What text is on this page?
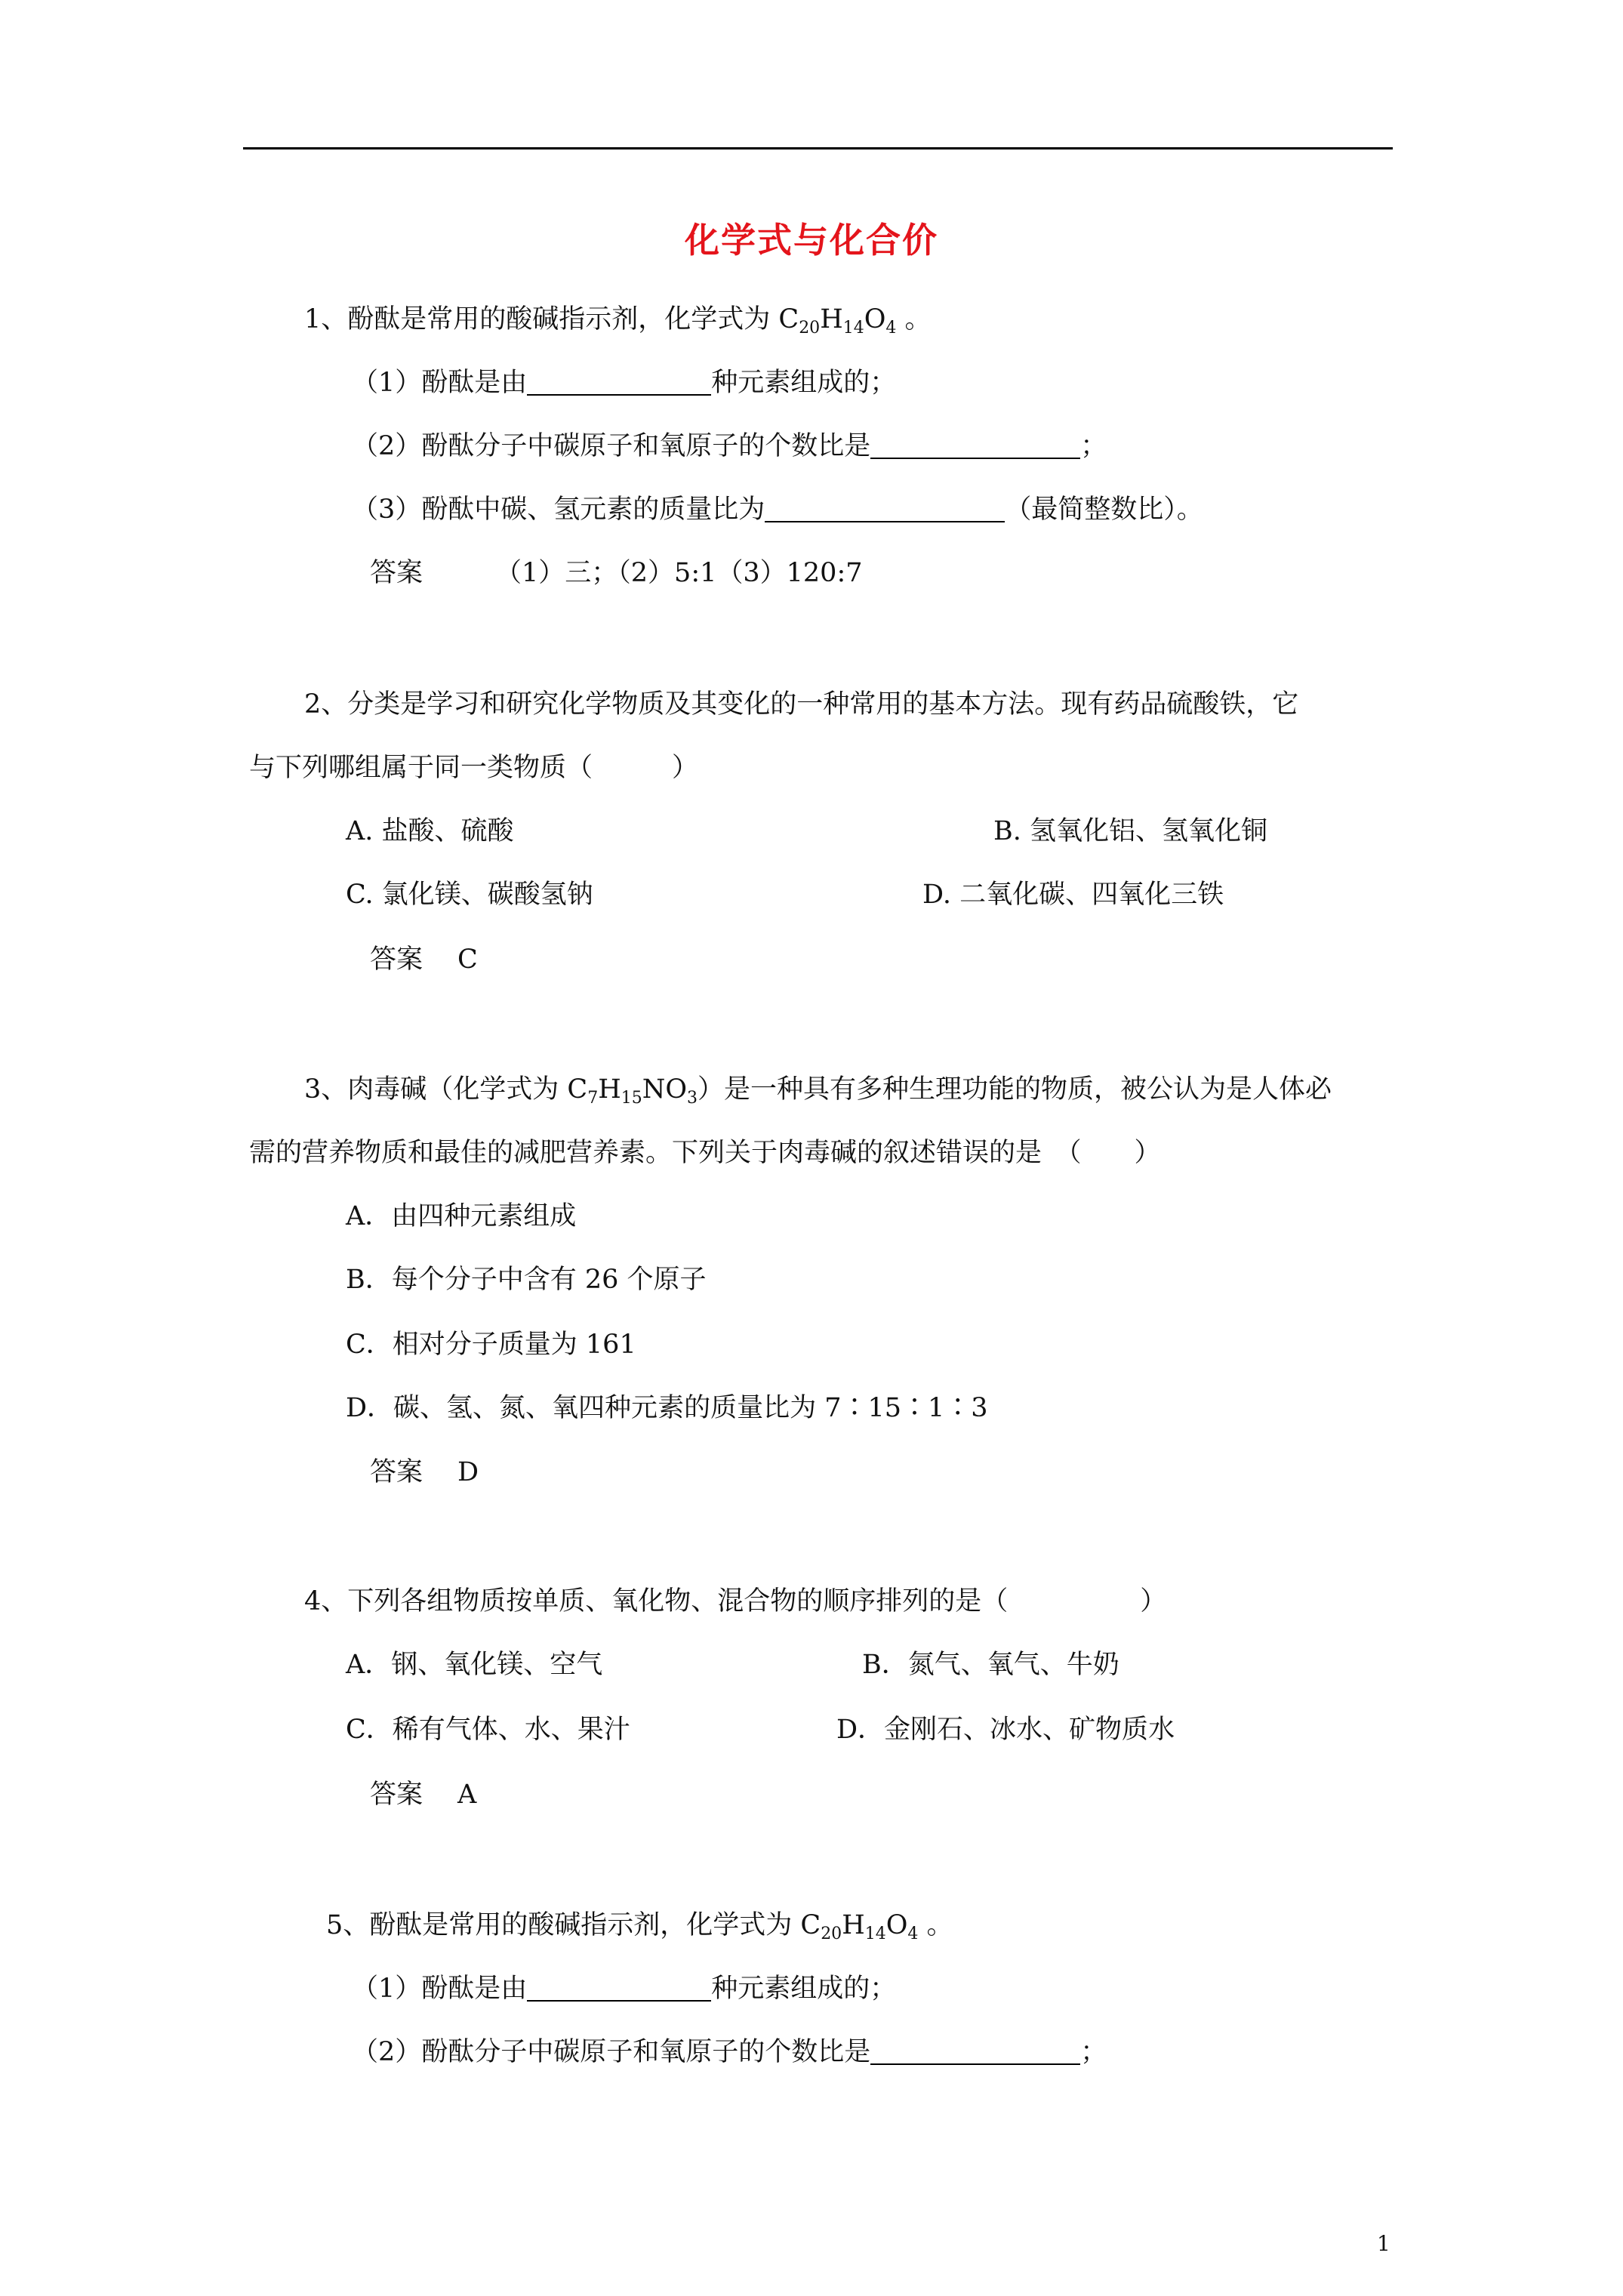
化学式与化合价
1、酚酞是常用的酸碱指示剂，化学式为 $C_{20}H_{14}O_4$ 。
（1）酚酞是由	种元素组成的；
（2）酚酞分子中碳原子和氧原子的个数比是	；
（3）酚酞中碳、氢元素的质量比为	（最简整数比）。
答案	（1）三；（2）5:1（3）120:7
2、分类是学习和研究化学物质及其变化的一种常用的基本方法。现有药品硫酸铁，它
与下列哪组属于同一类物质（　　　）
A. 盐酸、硫酸	B. 氢氧化铝、氢氧化铜
C. 氯化镁、碳酸氢钠	D. 二氧化碳、四氧化三铁
答案 C
3、肉毒碱（化学式为 $C_7H_{15}NO_3$）是一种具有多种生理功能的物质，被公认为是人体必
需的营养物质和最佳的减肥营养素。下列关于肉毒碱的叙述错误的是　（　　）
A．由四种元素组成
B．每个分子中含有 26 个原子
C．相对分子质量为 161
D．碳、氢、氮、氧四种元素的质量比为 7∶15∶1∶3
答案 D
4、下列各组物质按单质、氧化物、混合物的顺序排列的是（　　　　　）
A．钢、氧化镁、空气	B．氮气、氧气、牛奶
C．稀有气体、水、果汁	D．金刚石、冰水、矿物质水
答案 A
5、酚酞是常用的酸碱指示剂，化学式为 $C_{20}H_{14}O_4$ 。
（1）酚酞是由	种元素组成的；
（2）酚酞分子中碳原子和氧原子的个数比是	；
1
